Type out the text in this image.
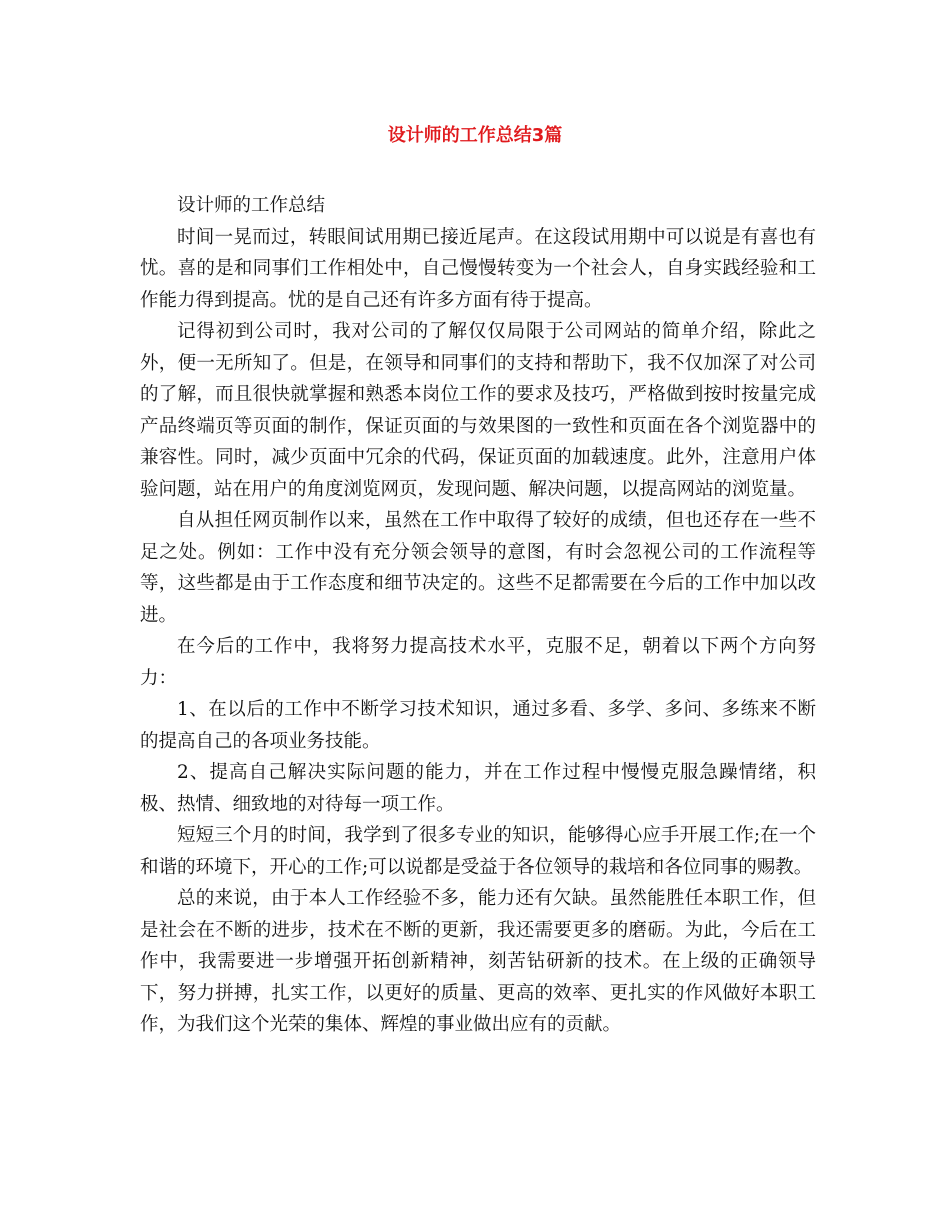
设计师的工作总结3篇

设计师的工作总结

时间一晃而过，转眼间试用期已接近尾声。在这段试用期中可以说是有喜也有忧。喜的是和同事们工作相处中，自己慢慢转变为一个社会人，自身实践经验和工作能力得到提高。忧的是自己还有许多方面有待于提高。

记得初到公司时，我对公司的了解仅仅局限于公司网站的简单介绍，除此之外，便一无所知了。但是，在领导和同事们的支持和帮助下，我不仅加深了对公司的了解，而且很快就掌握和熟悉本岗位工作的要求及技巧，严格做到按时按量完成产品终端页等页面的制作，保证页面的与效果图的一致性和页面在各个浏览器中的兼容性。同时，减少页面中冗余的代码，保证页面的加载速度。此外，注意用户体验问题，站在用户的角度浏览网页，发现问题、解决问题，以提高网站的浏览量。

自从担任网页制作以来，虽然在工作中取得了较好的成绩，但也还存在一些不足之处。例如：工作中没有充分领会领导的意图，有时会忽视公司的工作流程等等，这些都是由于工作态度和细节决定的。这些不足都需要在今后的工作中加以改进。

在今后的工作中，我将努力提高技术水平，克服不足，朝着以下两个方向努力：

1、在以后的工作中不断学习技术知识，通过多看、多学、多问、多练来不断的提高自己的各项业务技能。

2、提高自己解决实际问题的能力，并在工作过程中慢慢克服急躁情绪，积极、热情、细致地的对待每一项工作。

短短三个月的时间，我学到了很多专业的知识，能够得心应手开展工作;在一个和谐的环境下，开心的工作;可以说都是受益于各位领导的栽培和各位同事的赐教。

总的来说，由于本人工作经验不多，能力还有欠缺。虽然能胜任本职工作，但是社会在不断的进步，技术在不断的更新，我还需要更多的磨砺。为此，今后在工作中，我需要进一步增强开拓创新精神，刻苦钻研新的技术。在上级的正确领导下，努力拼搏，扎实工作，以更好的质量、更高的效率、更扎实的作风做好本职工作，为我们这个光荣的集体、辉煌的事业做出应有的贡献。
